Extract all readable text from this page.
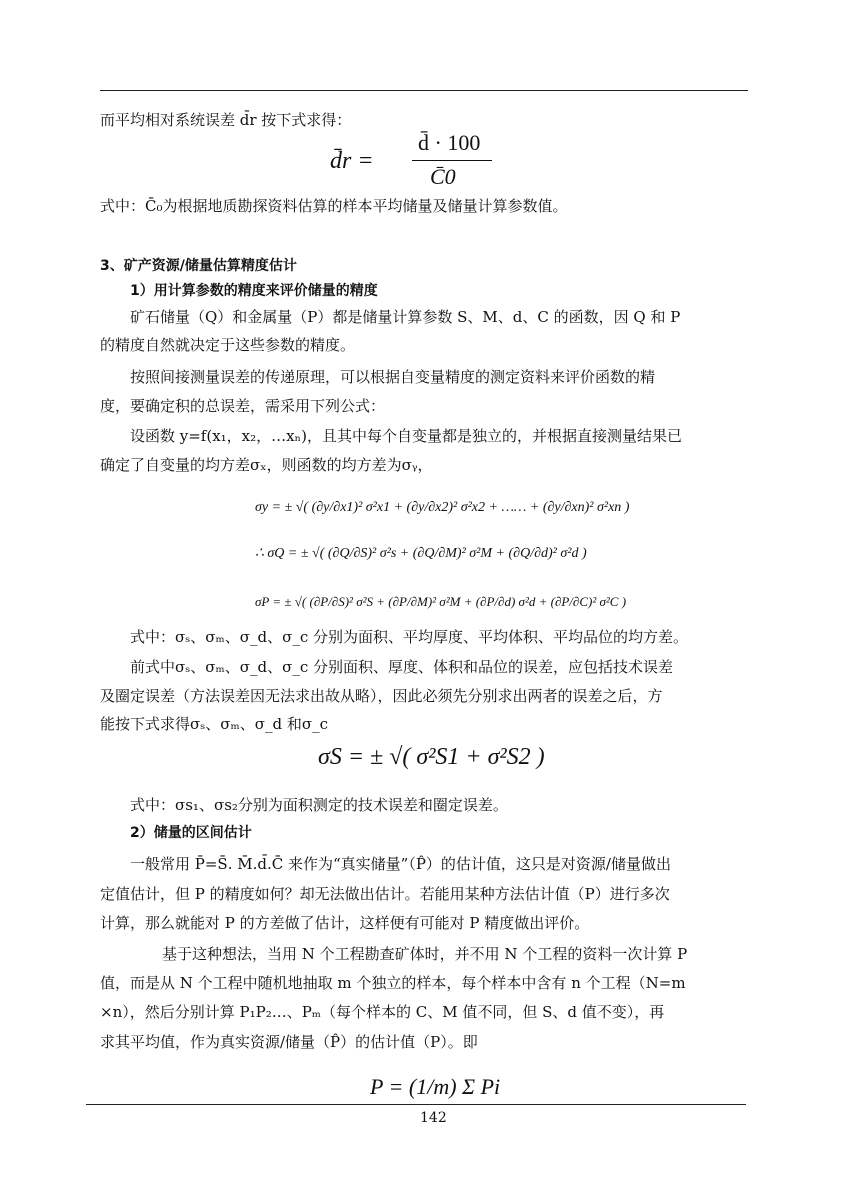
而平均相对系统误差 d̄r 按下式求得：
d̄r =
d̄ · 100
C̄0
式中：C̄₀为根据地质勘探资料估算的样本平均储量及储量计算参数值。
3、矿产资源/储量估算精度估计
1）用计算参数的精度来评价储量的精度
矿石储量（Q）和金属量（P）都是储量计算参数 S、M、d、C 的函数，因 Q 和 P
的精度自然就决定于这些参数的精度。
按照间接测量误差的传递原理，可以根据自变量精度的测定资料来评价函数的精
度，要确定积的总误差，需采用下列公式：
设函数 y=f(x₁，x₂，…xₙ)，且其中每个自变量都是独立的，并根据直接测量结果已
确定了自变量的均方差σₓ，则函数的均方差为σᵧ，
σy = ± √( (∂y/∂x1)² σ²x1 + (∂y/∂x2)² σ²x2 + …… + (∂y/∂xn)² σ²xn )
∴ σQ = ± √( (∂Q/∂S)² σ²s + (∂Q/∂M)² σ²M + (∂Q/∂d)² σ²d )
σP = ± √( (∂P/∂S)² σ²S + (∂P/∂M)² σ²M + (∂P/∂d) σ²d + (∂P/∂C)² σ²C )
式中：σₛ、σₘ、σ_d、σ_c 分别为面积、平均厚度、平均体积、平均品位的均方差。
前式中σₛ、σₘ、σ_d、σ_c 分别面积、厚度、体积和品位的误差，应包括技术误差
及圈定误差（方法误差因无法求出故从略），因此必须先分别求出两者的误差之后，方
能按下式求得σₛ、σₘ、σ_d 和σ_c
σS = ± √( σ²S1 + σ²S2 )
式中：σs₁、σs₂分别为面积测定的技术误差和圈定误差。
2）储量的区间估计
一般常用 P̄=S̄. M̄.d̄.C̄ 来作为“真实储量”（P̂）的估计值，这只是对资源/储量做出
定值估计，但 P 的精度如何？却无法做出估计。若能用某种方法估计值（P）进行多次
计算，那么就能对 P 的方差做了估计，这样便有可能对 P 精度做出评价。
基于这种想法，当用 N 个工程勘查矿体时，并不用 N 个工程的资料一次计算 P
值，而是从 N 个工程中随机地抽取 m 个独立的样本，每个样本中含有 n 个工程（N=m
×n），然后分别计算 P₁P₂…、Pₘ（每个样本的 C、M 值不同，但 S、d 值不变），再
求其平均值，作为真实资源/储量（P̂）的估计值（P）。即
P = (1/m) Σ Pi
142
